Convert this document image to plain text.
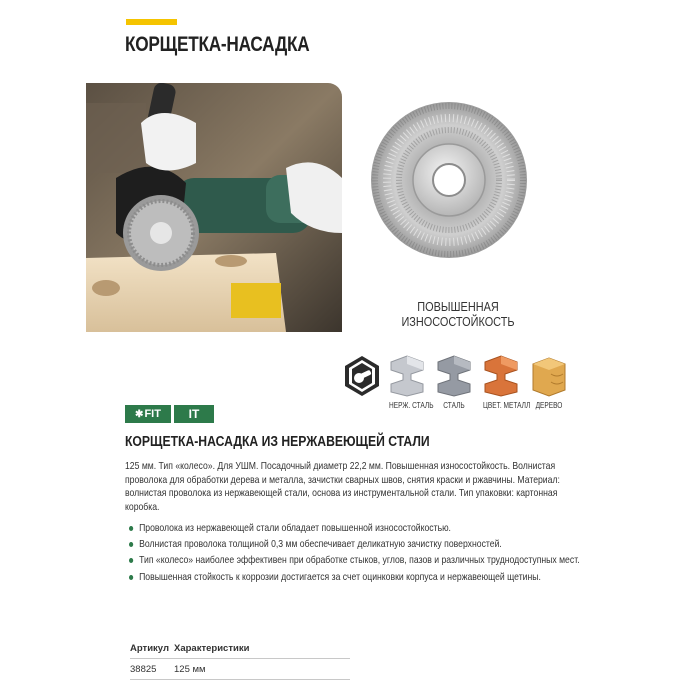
КОРЩЕТКА-НАСАДКА
ПОВЫШЕННАЯ
ИЗНОСОСТОЙКОСТЬ
НЕРЖ. СТАЛЬ	СТАЛЬ	ЦВЕТ. МЕТАЛЛ ДЕРЕВО
✱ FIT	IT
КОРЩЕТКА-НАСАДКА ИЗ НЕРЖАВЕЮЩЕЙ СТАЛИ
125 мм. Тип «колесо». Для УШМ. Посадочный диаметр 22,2 мм. Повышенная износостойкость. Волнистая проволока для обработки дерева и металла, зачистки сварных швов, снятия краски и ржавчины. Материал: волнистая проволока из нержавеющей стали, основа из инструментальной стали. Тип упаковки: картонная коробка.
Проволока из нержавеющей стали обладает повышенной износостойкостью.
Волнистая проволока толщиной 0,3 мм обеспечивает деликатную зачистку поверхностей.
Тип «колесо» наиболее эффективен при обработке стыков, углов, пазов и различных труднодоступных мест.
Повышенная стойкость к коррозии достигается за счет оцинковки корпуса и нержавеющей щетины.
Артикул Характеристики
38825	125 мм
